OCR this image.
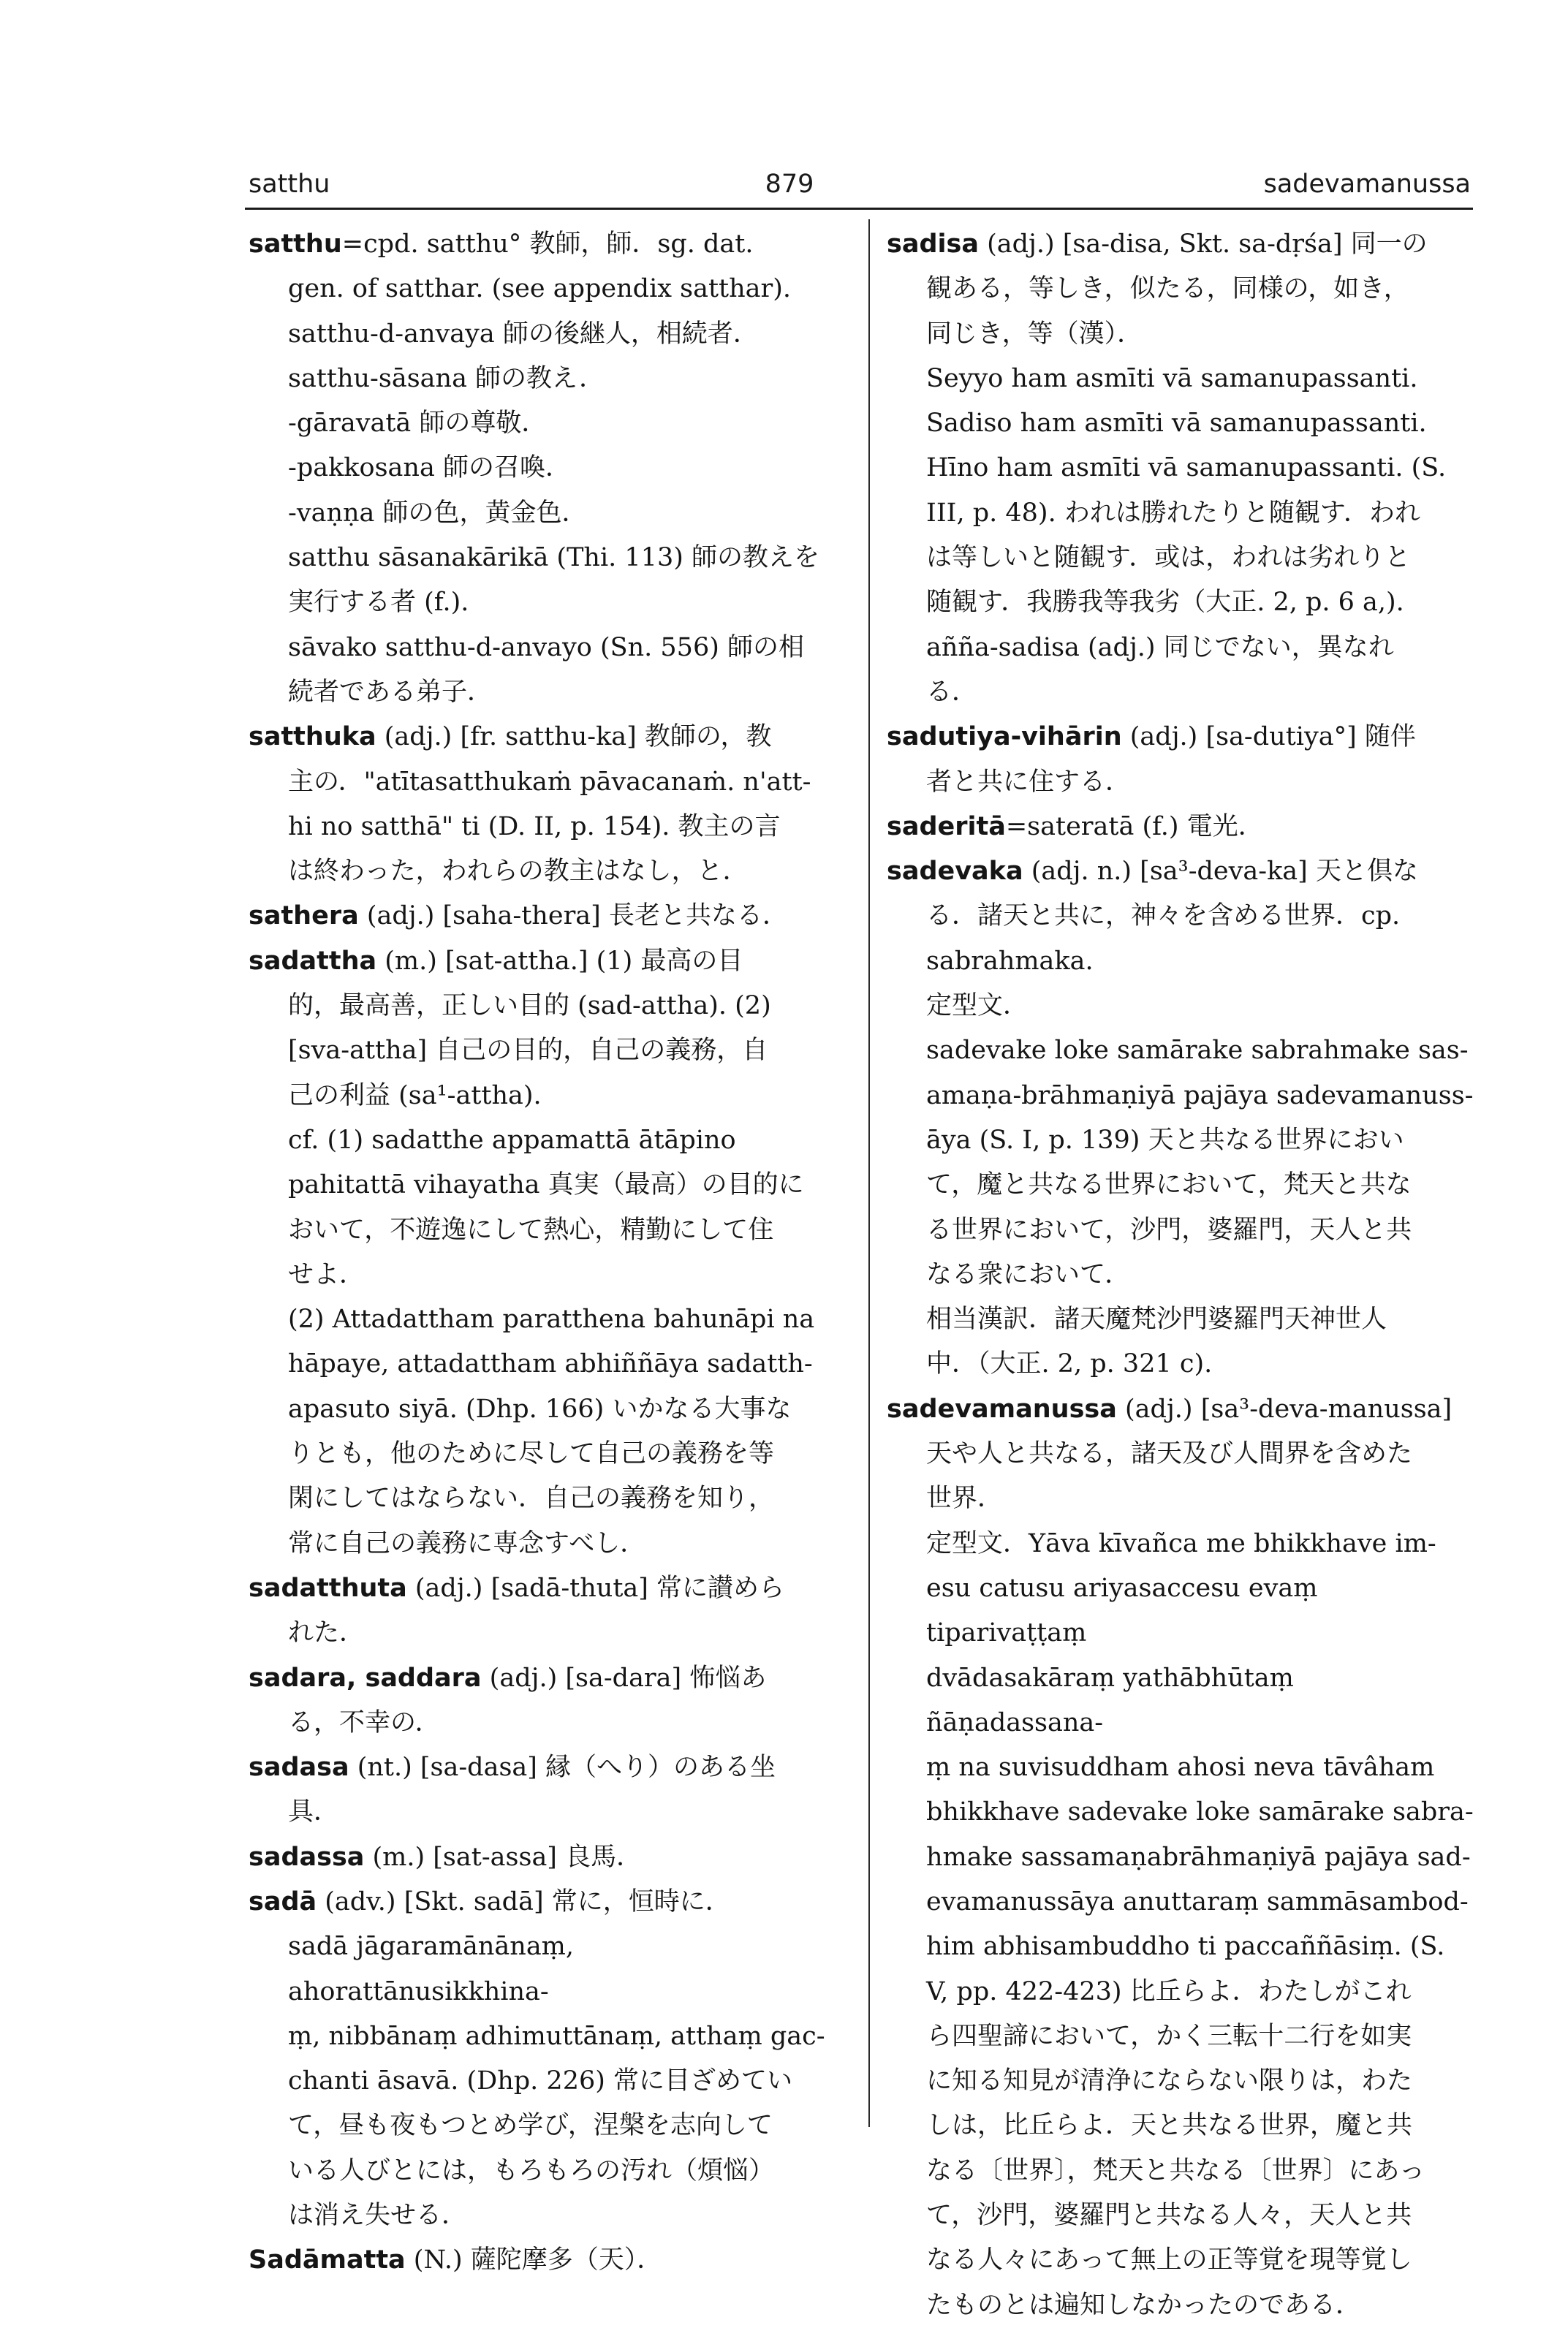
satthu	879	sadevamanussa

satthu=cpd. satthu° 教師，師．sg. dat.

gen. of satthar. (see appendix satthar).

satthu-d-anvaya 師の後継人，相続者．

satthu-sāsana 師の教え．

-gāravatā 師の尊敬．

-pakkosana 師の召喚．

-vaṇṇa 師の色，黄金色．

satthu sāsanakārikā (Thi. 113) 師の教えを

実行する者 (f.).

sāvako satthu-d-anvayo (Sn. 556) 師の相

続者である弟子．

satthuka (adj.) [fr. satthu-ka] 教師の，教

主の．"atītasatthukaṁ pāvacanaṁ. n'att-

hi no satthā" ti (D. II, p. 154). 教主の言

は終わった，われらの教主はなし，と．

sathera (adj.) [saha-thera] 長老と共なる．

sadattha (m.) [sat-attha.] (1) 最高の目

的，最高善，正しい目的 (sad-attha). (2)

[sva-attha] 自己の目的，自己の義務，自

己の利益 (sa¹-attha).

cf. (1) sadatthe appamattā ātāpino

pahitattā vihayatha 真実（最高）の目的に

おいて，不遊逸にして熱心，精勤にして住

せよ．

(2) Attadattham paratthena bahunāpi na

hāpaye, attadattham abhiññāya sadatth-

apasuto siyā. (Dhp. 166) いかなる大事な

りとも，他のために尽して自己の義務を等

閑にしてはならない．自己の義務を知り，

常に自己の義務に専念すべし．

sadatthuta (adj.) [sadā-thuta] 常に讃めら

れた．

sadara, saddara (adj.) [sa-dara] 怖悩あ

る，不幸の．

sadasa (nt.) [sa-dasa] 縁（へり）のある坐

具．

sadassa (m.) [sat-assa] 良馬．

sadā (adv.) [Skt. sadā] 常に，恒時に．

sadā jāgaramānānaṃ, ahorattānusikkhina-

ṃ, nibbānaṃ adhimuttānaṃ, atthaṃ gac-

chanti āsavā. (Dhp. 226) 常に目ざめてい

て，昼も夜もつとめ学び，涅槃を志向して

いる人びとには，もろもろの汚れ（煩悩）

は消え失せる．

Sadāmatta (N.) 薩陀摩多（天）．

sadisa (adj.) [sa-disa, Skt. sa-dṛśa] 同一の

観ある，等しき，似たる，同様の，如き，

同じき，等（漢）．

Seyyo ham asmīti vā samanupassanti.

Sadiso ham asmīti vā samanupassanti.

Hīno ham asmīti vā samanupassanti. (S.

III, p. 48). われは勝れたりと随観す．われ

は等しいと随観す．或は，われは劣れりと

随観す．我勝我等我劣（大正. 2, p. 6 a,).

añña-sadisa (adj.) 同じでない，異なれ

る．

sadutiya-vihārin (adj.) [sa-dutiya°] 随伴

者と共に住する．

saderitā=sateratā (f.) 電光．

sadevaka (adj. n.) [sa³-deva-ka] 天と倶な

る．諸天と共に，神々を含める世界．cp.

sabrahmaka.

定型文．

sadevake loke samārake sabrahmake sas-

amaṇa-brāhmaṇiyā pajāya sadevamanuss-

āya (S. I, p. 139) 天と共なる世界におい

て，魔と共なる世界において，梵天と共な

る世界において，沙門，婆羅門，天人と共

なる衆において．

相当漢訳．諸天魔梵沙門婆羅門天神世人

中．（大正. 2, p. 321 c).

sadevamanussa (adj.) [sa³-deva-manussa]

天や人と共なる，諸天及び人間界を含めた

世界．

定型文．Yāva kīvañca me bhikkhave im-

esu catusu ariyasaccesu evaṃ tiparivaṭṭaṃ

dvādasakāraṃ yathābhūtaṃ ñāṇadassana-

ṃ na suvisuddham ahosi neva tāvâham

bhikkhave sadevake loke samārake sabra-

hmake sassamaṇabrāhmaṇiyā pajāya sad-

evamanussāya anuttaraṃ sammāsambod-

him abhisambuddho ti paccaññāsiṃ. (S.

V, pp. 422-423) 比丘らよ．わたしがこれ

ら四聖諦において，かく三転十二行を如実

に知る知見が清浄にならない限りは，わた

しは，比丘らよ．天と共なる世界，魔と共

なる〔世界〕，梵天と共なる〔世界〕にあっ

て，沙門，婆羅門と共なる人々，天人と共

なる人々にあって無上の正等覚を現等覚し

たものとは遍知しなかったのである．
